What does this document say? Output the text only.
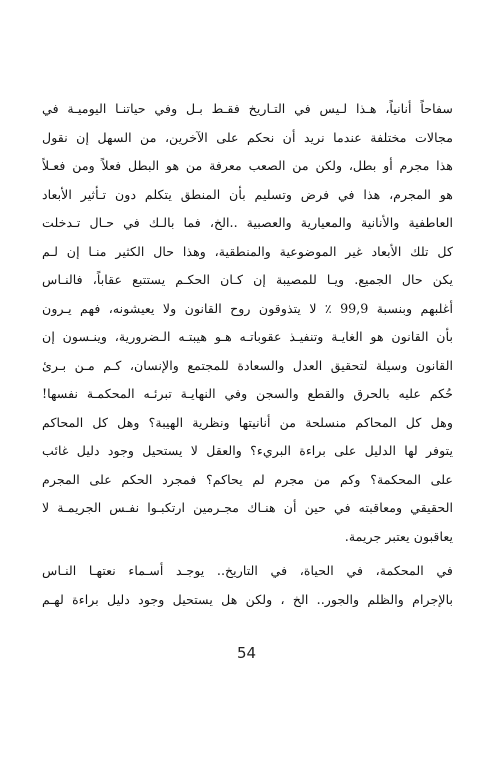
سفاحاً أنانياً، هـذا لـيس في التـاريخ فقـط بـل وفي حياتنـا اليوميـة في
مجالات مختلفة عندما نريد أن نحكم على الآخرين، من السهل إن نقول
هذا مجرم أو بطل، ولكن من الصعب معرفة من هو البطل فعلاً ومن فعـلاً
هو المجرم، هذا في فرض وتسليم بأن المنطق يتكلم دون تـأثير الأبعاد
العاطفية والأنانية والمعيارية والعصبية ..الخ، فما بالـك في حـال تـدخلت
كل تلك الأبعاد غير الموضوعية والمنطقية، وهذا حال الكثير منـا إن لـم
يكن حال الجميع. ويـا للمصيبة إن كـان الحكـم يستتبع عقاباً، فالنـاس
أغلبهم وبنسبة 99,9 ٪ لا يتذوقون روح القانون ولا يعيشونه، فهم يـرون
بأن القانون هو الغايـة وتنفيـذ عقوباتـه هـو هيبتـه الـضرورية، وينـسون إن
القانون وسيلة لتحقيق العدل والسعادة للمجتمع والإنسان، كـم مـن بـرئ
حُكم عليه بالحرق والقطع والسجن وفي النهايـة تبرئـه المحكمـة نفسها!
وهل كل المحاكم منسلحة من أنانيتها ونظرية الهيبة؟ وهل كل المحاكم
يتوفر لها الدليل على براءة البريء؟ والعقل لا يستحيل وجود دليل غائب
على المحكمة؟ وكم من مجرم لم يحاكم؟ فمجرد الحكم على المجرم
الحقيقي ومعاقبته في حين أن هنـاك مجـرمين ارتكبـوا نفـس الجريمـة لا
يعاقبون يعتبر جريمة.

في المحكمة، في الحياة، في التاريخ.. يوجـد أسـماء نعتهـا النـاس
بالإجرام والظلم والجور.. الخ ، ولكن هل يستحيل وجود دليل براءة لهـم

54
